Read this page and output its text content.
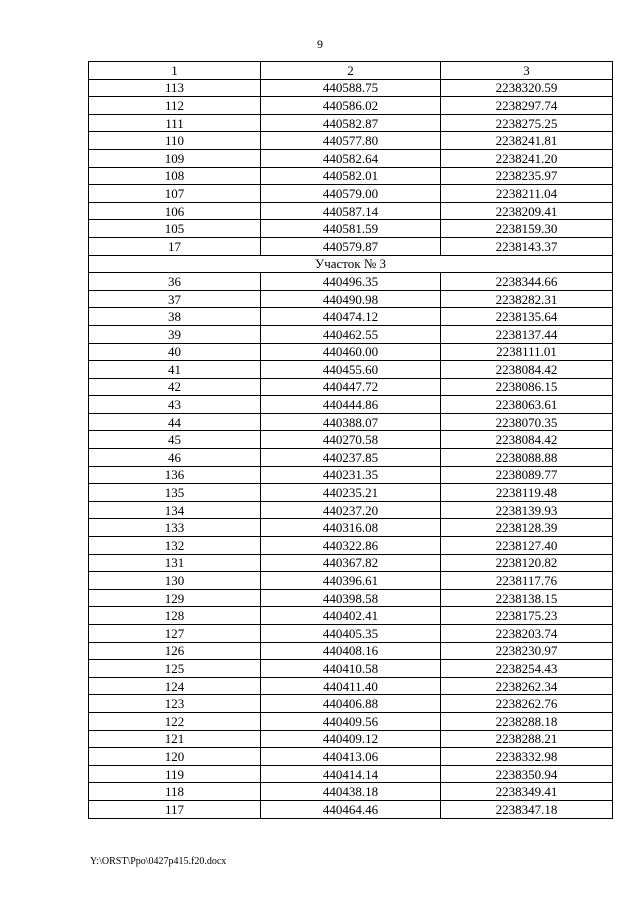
9
1	2	3
113	440588.75	2238320.59
112	440586.02	2238297.74
111	440582.87	2238275.25
110	440577.80	2238241.81
109	440582.64	2238241.20
108	440582.01	2238235.97
107	440579.00	2238211.04
106	440587.14	2238209.41
105	440581.59	2238159.30
17	440579.87	2238143.37
Участок № 3		
36	440496.35	2238344.66
37	440490.98	2238282.31
38	440474.12	2238135.64
39	440462.55	2238137.44
40	440460.00	2238111.01
41	440455.60	2238084.42
42	440447.72	2238086.15
43	440444.86	2238063.61
44	440388.07	2238070.35
45	440270.58	2238084.42
46	440237.85	2238088.88
136	440231.35	2238089.77
135	440235.21	2238119.48
134	440237.20	2238139.93
133	440316.08	2238128.39
132	440322.86	2238127.40
131	440367.82	2238120.82
130	440396.61	2238117.76
129	440398.58	2238138.15
128	440402.41	2238175.23
127	440405.35	2238203.74
126	440408.16	2238230.97
125	440410.58	2238254.43
124	440411.40	2238262.34
123	440406.88	2238262.76
122	440409.56	2238288.18
121	440409.12	2238288.21
120	440413.06	2238332.98
119	440414.14	2238350.94
118	440438.18	2238349.41
117	440464.46	2238347.18
Y:\ORST\Ppo\0427p415.f20.docx
